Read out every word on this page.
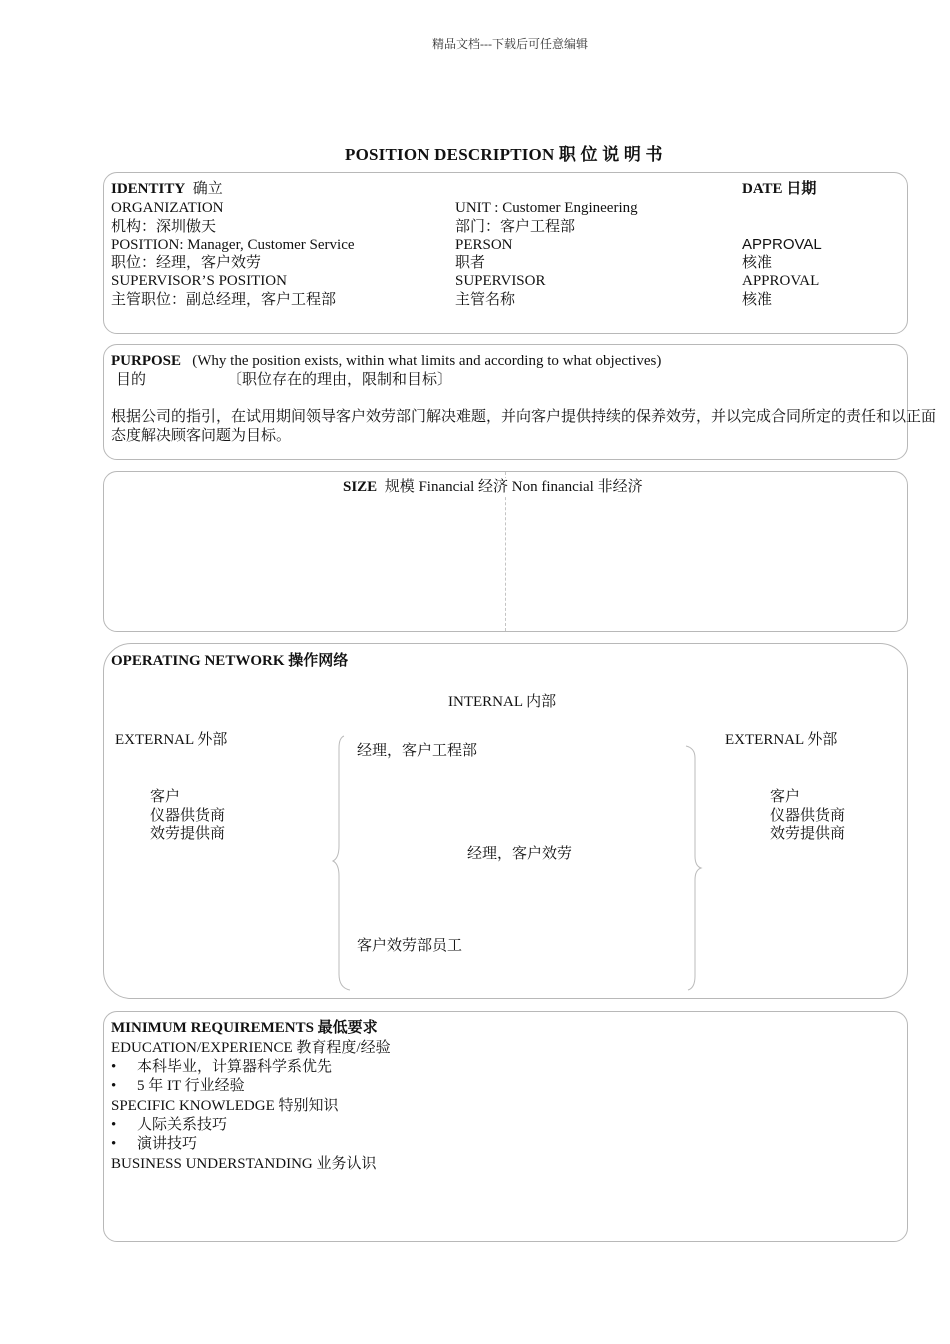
精品文档---下载后可任意编辑
POSITION DESCRIPTION 职 位 说 明 书
IDENTITY 确立	DATE 日期
ORGANIZATION	UNIT : Customer Engineering
机构：深圳傲天	部门：客户工程部
POSITION: Manager, Customer Service	PERSON	APPROVAL
职位：经理，客户效劳	职者	核准
SUPERVISOR’S POSITION	SUPERVISOR	APPROVAL
主管职位：副总经理，客户工程部	主管名称	核准
PURPOSE (Why the position exists, within what limits and according to what objectives)
目的	〔职位存在的理由，限制和目标〕
根据公司的指引，在试用期间领导客户效劳部门解决难题，并向客户提供持续的保养效劳，并以完成合同所定的责任和以正面态度解决顾客问题为目标。
SIZE 规模 Financial 经济 Non financial 非经济
OPERATING NETWORK 操作网络
INTERNAL 内部
EXTERNAL 外部	EXTERNAL 外部
客户
仪器供货商
效劳提供商
客户
仪器供货商
效劳提供商
经理，客户工程部
经理，客户效劳
客户效劳部员工
MINIMUM REQUIREMENTS 最低要求
EDUCATION/EXPERIENCE 教育程度/经验
• 本科毕业，计算器科学系优先
• 5 年 IT 行业经验
SPECIFIC KNOWLEDGE 特别知识
• 人际关系技巧
• 演讲技巧
BUSINESS UNDERSTANDING 业务认识
